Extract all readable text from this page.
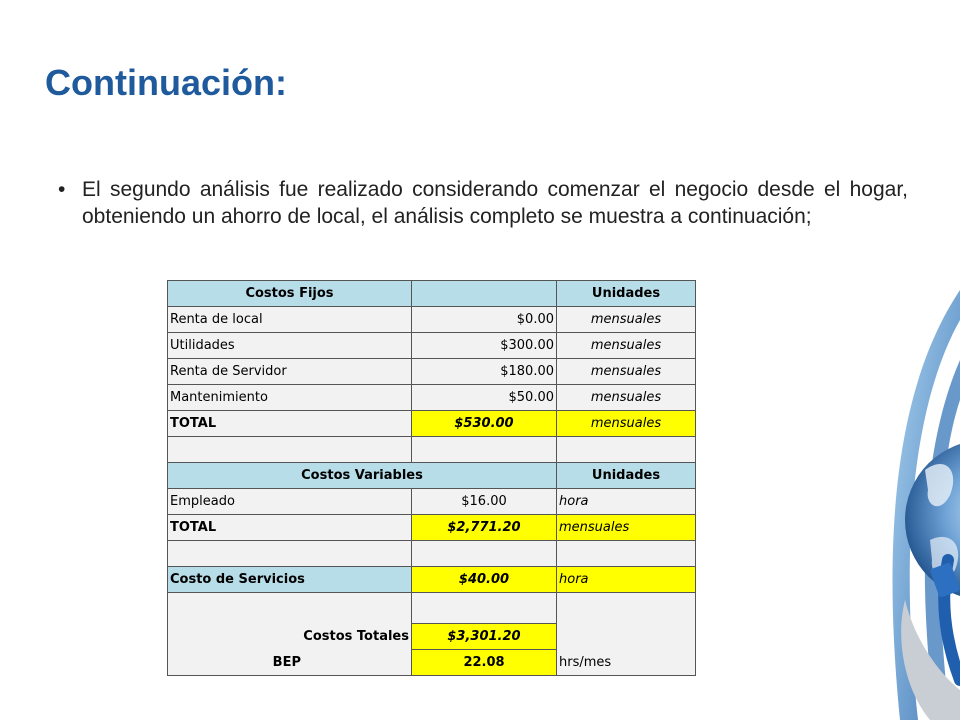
Continuación:
• El segundo análisis fue realizado considerando comenzar el negocio desde el hogar, obteniendo un ahorro de local, el análisis completo se muestra a continuación;
Costos Fijos		Unidades
Renta de local	$0.00	mensuales
Utilidades	$300.00	mensuales
Renta de Servidor	$180.00	mensuales
Mantenimiento	$50.00	mensuales
TOTAL	$530.00	mensuales

Costos Variables		Unidades
Empleado	$16.00	hora
TOTAL	$2,771.20	mensuales

Costo de Servicios	$40.00	hora

Costos Totales	$3,301.20	
BEP	22.08	hrs/mes
